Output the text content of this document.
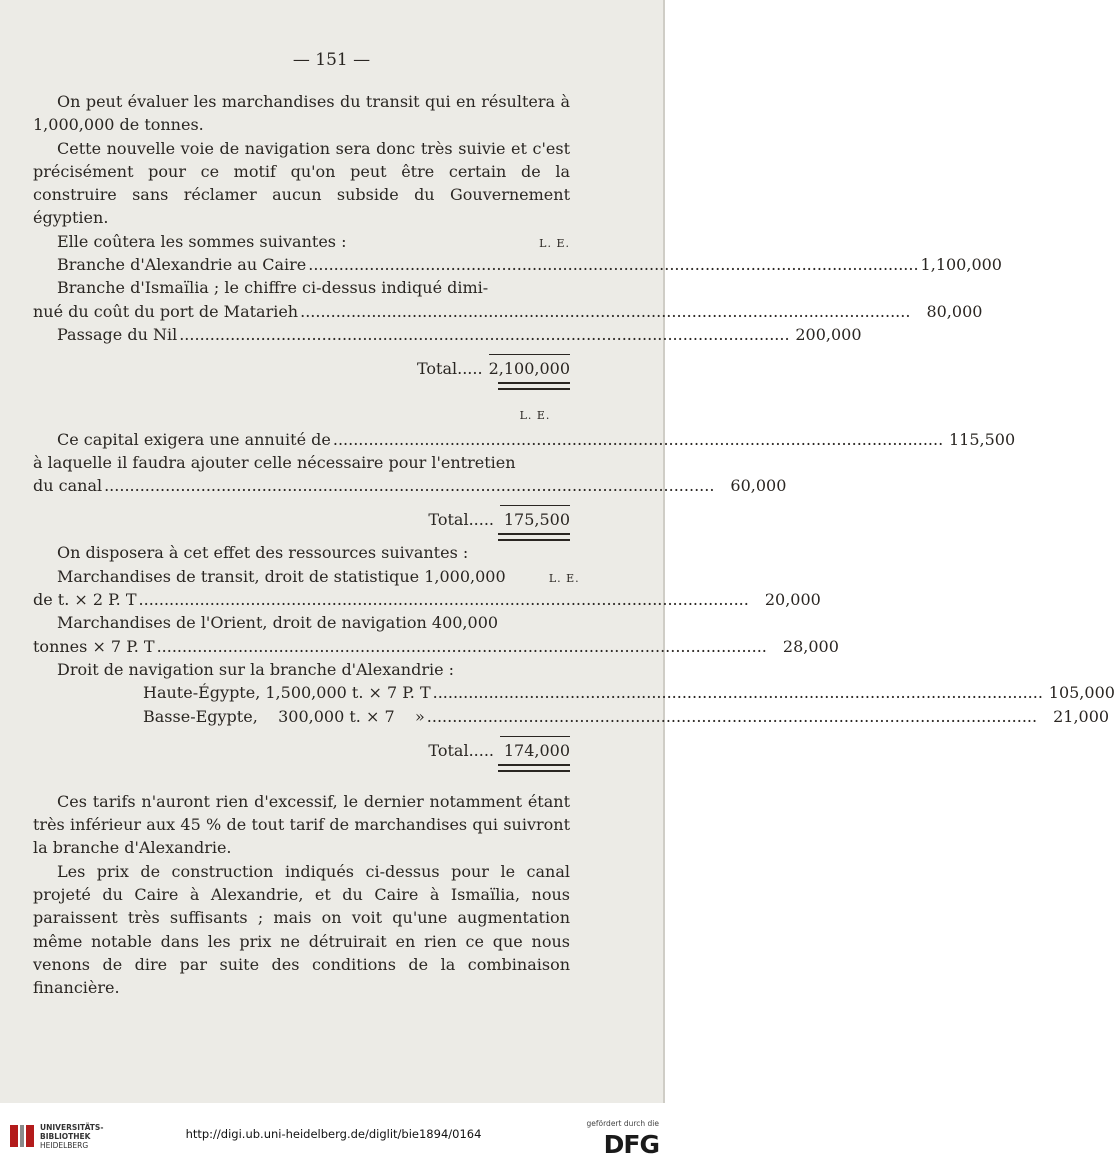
— 151 —

On peut évaluer les marchandises du transit qui en résultera à 1,000,000 de tonnes.

Cette nouvelle voie de navigation sera donc très suivie et c'est précisément pour ce motif qu'on peut être certain de la construire sans réclamer aucun subside du Gouvernement égyptien.

Elle coûtera les sommes suivantes :	L. E.
Branche d'Alexandrie au Caire ........................................................................................................................ 1,100,000
Branche d'Ismaïlia ; le chiffre ci-dessus indiqué dimi-
nué du coût du port de Matarieh ........................................................................................................................	80,000
Passage du Nil ........................................................................................................................ 200,000
Total..... 2,100,000
L. E.
Ce capital exigera une annuité de ........................................................................................................................ 115,500
à laquelle il faudra ajouter celle nécessaire pour l'entretien
du canal ........................................................................................................................	60,000
Total..... 175,500
On disposera à cet effet des ressources suivantes :
Marchandises de transit, droit de statistique 1,000,000	L. E.
de t. × 2 P. T ........................................................................................................................	20,000
Marchandises de l'Orient, droit de navigation 400,000
tonnes × 7 P. T ........................................................................................................................	28,000
Droit de navigation sur la branche d'Alexandrie :
Haute-Égypte, 1,500,000 t. × 7 P. T ........................................................................................................................ 105,000
Basse-Egypte,    300,000 t. × 7    » ........................................................................................................................	21,000
Total..... 174,000

Ces tarifs n'auront rien d'excessif, le dernier notamment étant très inférieur aux 45 % de tout tarif de marchandises qui suivront la branche d'Alexandrie.

Les prix de construction indiqués ci-dessus pour le canal projeté du Caire à Alexandrie, et du Caire à Ismaïlia, nous paraissent très suffisants ; mais on voit qu'une augmentation même notable dans les prix ne détruirait en rien ce que nous venons de dire par suite des conditions de la combinaison financière.

UNIVERSITÄTS-
BIBLIOTHEK
HEIDELBERG
http://digi.ub.uni-heidelberg.de/diglit/bie1894/0164
gefördert durch die
DFG
